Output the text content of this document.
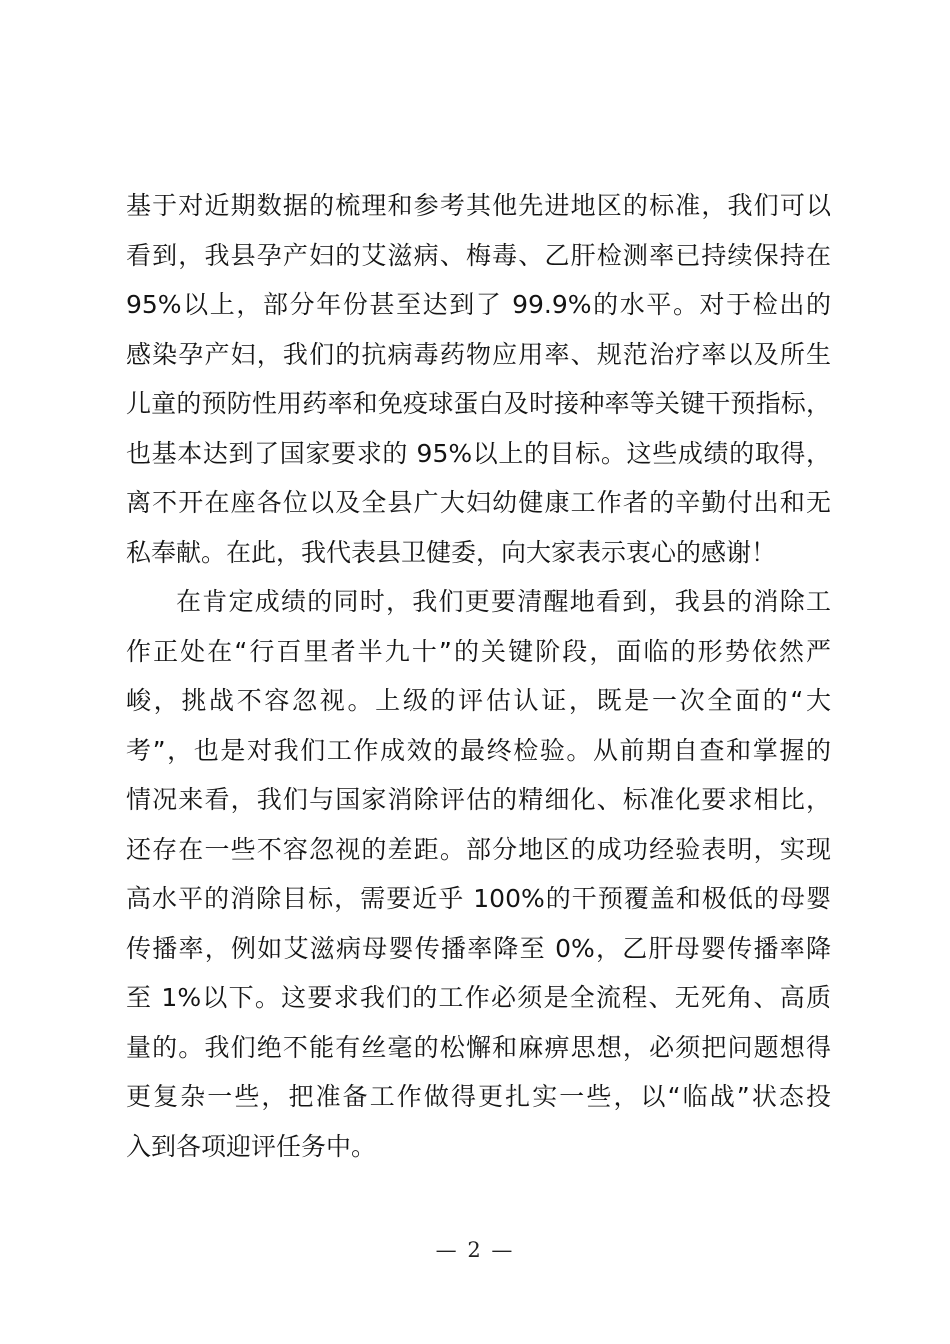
基于对近期数据的梳理和参考其他先进地区的标准，我们可以
看到，我县孕产妇的艾滋病、梅毒、乙肝检测率已持续保持在
95%以上，部分年份甚至达到了 99.9%的水平。对于检出的
感染孕产妇，我们的抗病毒药物应用率、规范治疗率以及所生
儿童的预防性用药率和免疫球蛋白及时接种率等关键干预指标，
也基本达到了国家要求的 95%以上的目标。这些成绩的取得，
离不开在座各位以及全县广大妇幼健康工作者的辛勤付出和无
私奉献。在此，我代表县卫健委，向大家表示衷心的感谢！
在肯定成绩的同时，我们更要清醒地看到，我县的消除工
作正处在“行百里者半九十”的关键阶段，面临的形势依然严
峻，挑战不容忽视。上级的评估认证，既是一次全面的“大
考”，也是对我们工作成效的最终检验。从前期自查和掌握的
情况来看，我们与国家消除评估的精细化、标准化要求相比，
还存在一些不容忽视的差距。部分地区的成功经验表明，实现
高水平的消除目标，需要近乎 100%的干预覆盖和极低的母婴
传播率，例如艾滋病母婴传播率降至 0%，乙肝母婴传播率降
至 1%以下。这要求我们的工作必须是全流程、无死角、高质
量的。我们绝不能有丝毫的松懈和麻痹思想，必须把问题想得
更复杂一些，把准备工作做得更扎实一些，以“临战”状态投
入到各项迎评任务中。
— 2 —
